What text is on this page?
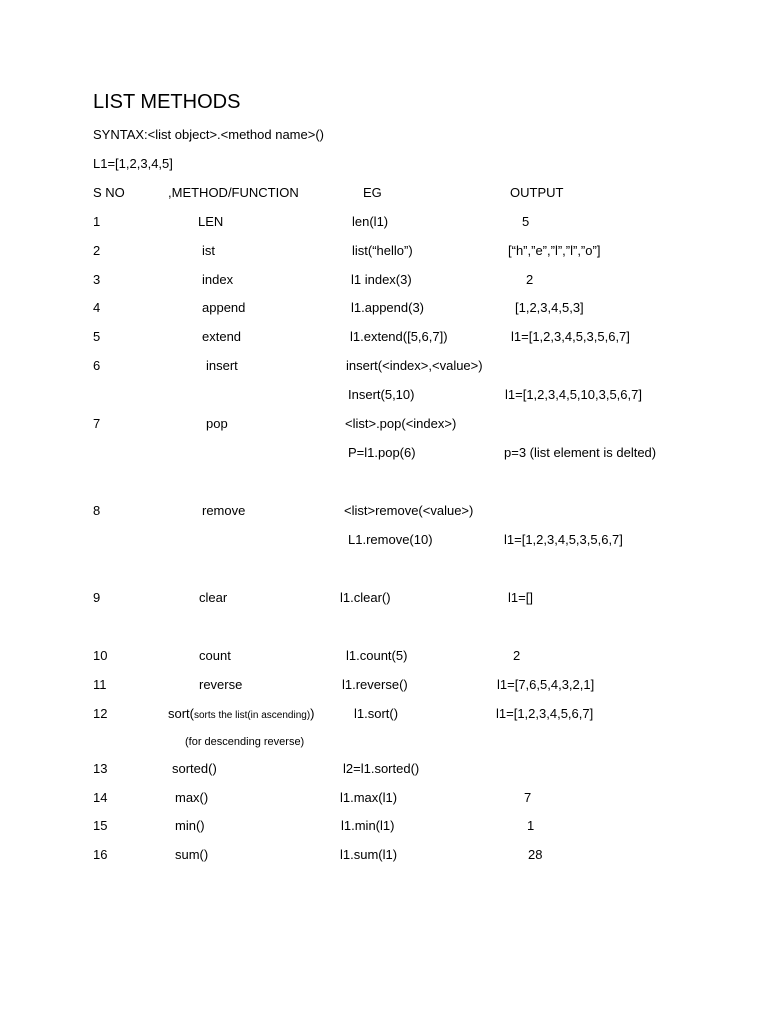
LIST METHODS
SYNTAX:<list object>.<method name>()
L1=[1,2,3,4,5]
S NO	,METHOD/FUNCTION	EG	OUTPUT
1	LEN	len(l1)	5
2	ist	list(“hello”)	[“h”,”e”,”l”,”l”,”o”]
3	index	l1 index(3)	2
4	append	l1.append(3)	[1,2,3,4,5,3]
5	extend	l1.extend([5,6,7])	l1=[1,2,3,4,5,3,5,6,7]
6	insert	insert(<index>,<value>)
Insert(5,10)	l1=[1,2,3,4,5,10,3,5,6,7]
7	pop	<list>.pop(<index>)
P=l1.pop(6)	p=3 (list element is delted)
8	remove	<list>remove(<value>)
L1.remove(10)	l1=[1,2,3,4,5,3,5,6,7]
9	clear	l1.clear()	l1=[]
10	count	l1.count(5)	2
11	reverse	l1.reverse()	l1=[7,6,5,4,3,2,1]
12	sort(sorts the list(in ascending))	l1.sort()	l1=[1,2,3,4,5,6,7]
(for descending reverse)
13	sorted()	l2=l1.sorted()
14	max()	l1.max(l1)	7
15	min()	l1.min(l1)	1
16	sum()	l1.sum(l1)	28
